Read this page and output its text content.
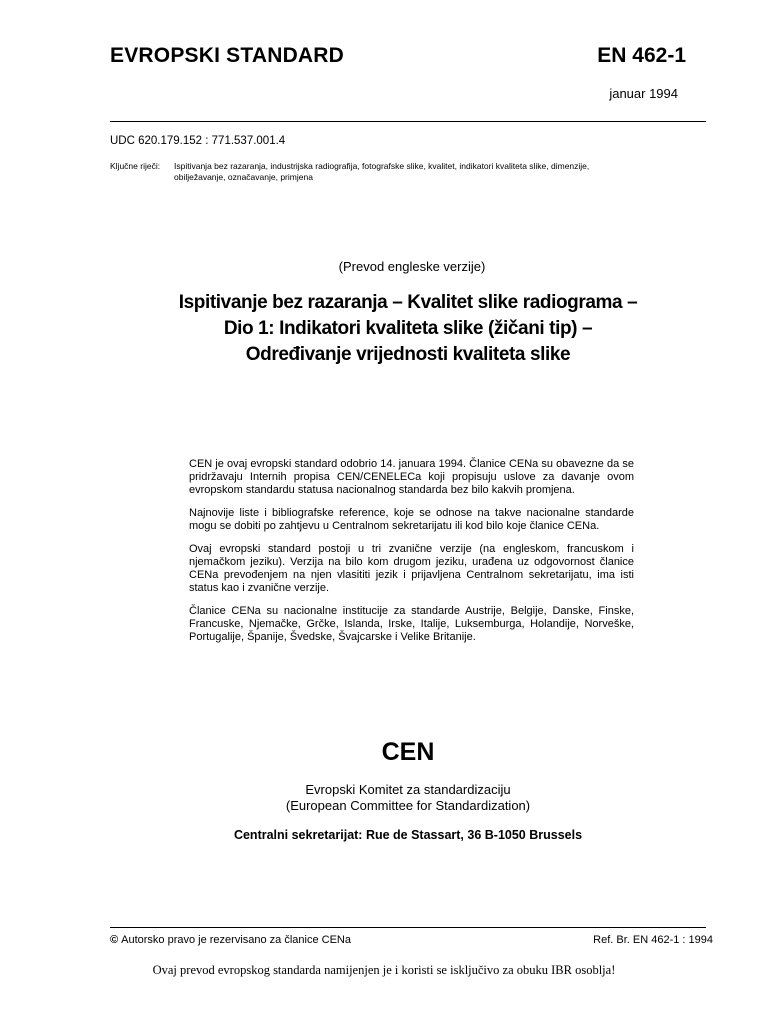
EVROPSKI STANDARD	EN 462-1
januar 1994
UDC 620.179.152 : 771.537.001.4
Ključne riječi: Ispitivanja bez razaranja, industrijska radiografija, fotografske slike, kvalitet, indikatori kvaliteta slike, dimenzije,
obilježavanje, označavanje, primjena
(Prevod engleske verzije)
Ispitivanje bez razaranja – Kvalitet slike radiograma –
Dio 1: Indikatori kvaliteta slike (žičani tip) –
Određivanje vrijednosti kvaliteta slike

CEN je ovaj evropski standard odobrio 14. januara 1994. Članice CENa su obavezne da se pridržavaju Internih propisa CEN/CENELECa koji propisuju uslove za davanje ovom evropskom standardu statusa nacionalnog standarda bez bilo kakvih promjena.

Najnovije liste i bibliografske reference, koje se odnose na takve nacionalne standarde mogu se dobiti po zahtjevu u Centralnom sekretarijatu ili kod bilo koje članice CENa.

Ovaj evropski standard postoji u tri zvanične verzije (na engleskom, francuskom i njemačkom jeziku). Verzija na bilo kom drugom jeziku, urađena uz odgovornost članice CENa prevođenjem na njen vlasititi jezik i prijavljena Centralnom sekretarijatu, ima isti status kao i zvanične verzije.

Članice CENa su nacionalne institucije za standarde Austrije, Belgije, Danske, Finske, Francuske, Njemačke, Grčke, Islanda, Irske, Italije, Luksemburga, Holandije, Norveške, Portugalije, Španije, Švedske, Švajcarske i Velike Britanije.

CEN
Evropski Komitet za standardizaciju
(European Committee for Standardization)
Centralni sekretarijat: Rue de Stassart, 36 B-1050 Brussels
© Autorsko pravo je rezervisano za članice CENa	Ref. Br. EN 462-1 : 1994
Ovaj prevod evropskog standarda namijenjen je i koristi se isključivo za obuku IBR osoblja!
